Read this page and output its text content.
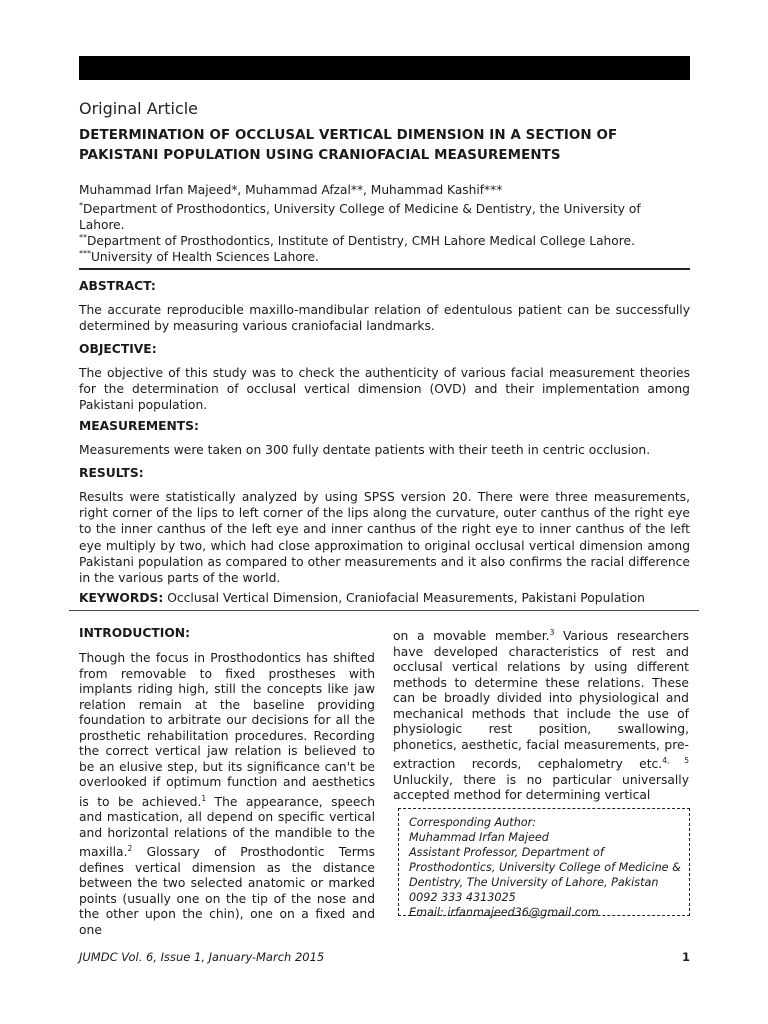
Original Article
DETERMINATION OF OCCLUSAL VERTICAL DIMENSION IN A SECTION OF PAKISTANI POPULATION USING CRANIOFACIAL MEASUREMENTS
Muhammad Irfan Majeed*, Muhammad Afzal**, Muhammad Kashif***
*Department of Prosthodontics, University College of Medicine & Dentistry, the University of Lahore.
**Department of Prosthodontics, Institute of Dentistry, CMH Lahore Medical College Lahore.
***University of Health Sciences Lahore.
ABSTRACT:

The accurate reproducible maxillo-mandibular relation of edentulous patient can be successfully determined by measuring various craniofacial landmarks.

OBJECTIVE:

The objective of this study was to check the authenticity of various facial measurement theories for the determination of occlusal vertical dimension (OVD) and their implementation among Pakistani population.

MEASUREMENTS:

Measurements were taken on 300 fully dentate patients with their teeth in centric occlusion.

RESULTS:

Results were statistically analyzed by using SPSS version 20. There were three measurements, right corner of the lips to left corner of the lips along the curvature, outer canthus of the right eye to the inner canthus of the left eye and inner canthus of the right eye to inner canthus of the left eye multiply by two, which had close approximation to original occlusal vertical dimension among Pakistani population as compared to other measurements and it also confirms the racial difference in the various parts of the world.

KEYWORDS: Occlusal Vertical Dimension, Craniofacial Measurements, Pakistani Population
INTRODUCTION:

Though the focus in Prosthodontics has shifted from removable to fixed prostheses with implants riding high, still the concepts like jaw relation remain at the baseline providing foundation to arbitrate our decisions for all the prosthetic rehabilitation procedures. Recording the correct vertical jaw relation is believed to be an elusive step, but its significance can't be overlooked if optimum function and aesthetics is to be achieved.$^1$ The appearance, speech and mastication, all depend on specific vertical and horizontal relations of the mandible to the maxilla.$^2$ Glossary of Prosthodontic Terms defines vertical dimension as the distance between the two selected anatomic or marked points (usually one on the tip of the nose and the other upon the chin), one on a fixed and one

on a movable member.$^3$ Various researchers have developed characteristics of rest and occlusal vertical relations by using different methods to determine these relations. These can be broadly divided into physiological and mechanical methods that include the use of physiologic rest position, swallowing, phonetics, aesthetic, facial measurements, pre-extraction records, cephalometry etc.$^{4, 5}$ Unluckily, there is no particular universally accepted method for determining vertical

Corresponding Author:
Muhammad Irfan Majeed
Assistant Professor, Department of
Prosthodontics, University College of Medicine &
Dentistry, The University of Lahore, Pakistan
0092 333 4313025
Email: irfanmajeed36@gmail.com
JUMDC Vol. 6, Issue 1, January-March 2015	1
